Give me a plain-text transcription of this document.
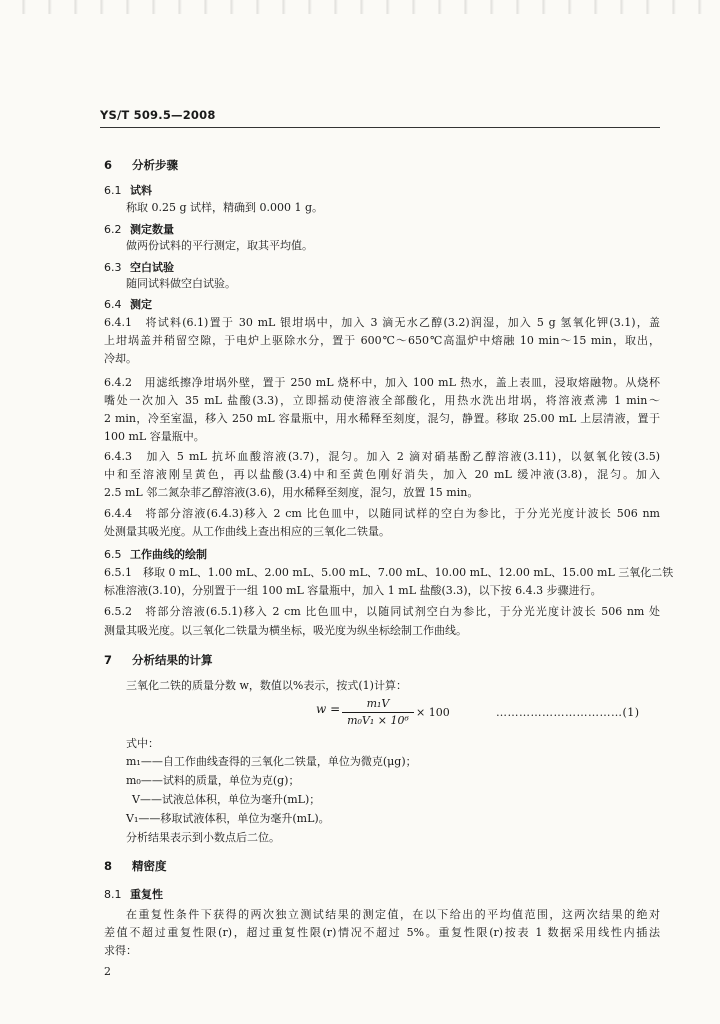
YS/T 509.5—2008
6 分析步骤
6.1 试料
称取 0.25 g 试样，精确到 0.000 1 g。
6.2 测定数量
做两份试料的平行测定，取其平均值。
6.3 空白试验
随同试料做空白试验。
6.4 测定
6.4.1　将试料(6.1)置于 30 mL 银坩埚中，加入 3 滴无水乙醇(3.2)润湿，加入 5 g 氢氧化钾(3.1)，盖
上坩埚盖并稍留空隙，于电炉上驱除水分，置于 600℃～650℃高温炉中熔融 10 min～15 min，取出，
冷却。
6.4.2　用滤纸擦净坩埚外壁，置于 250 mL 烧杯中，加入 100 mL 热水，盖上表皿，浸取熔融物。从烧杯
嘴处一次加入 35 mL 盐酸(3.3)，立即摇动使溶液全部酸化，用热水洗出坩埚，将溶液煮沸 1 min～
2 min，冷至室温，移入 250 mL 容量瓶中，用水稀释至刻度，混匀，静置。移取 25.00 mL 上层清液，置于
100 mL 容量瓶中。
6.4.3　加入 5 mL 抗坏血酸溶液(3.7)，混匀。加入 2 滴对硝基酚乙醇溶液(3.11)，以氨氧化铵(3.5)
中和至溶液刚呈黄色，再以盐酸(3.4)中和至黄色刚好消失，加入 20 mL 缓冲液(3.8)，混匀。加入
2.5 mL 邻二氮杂菲乙醇溶液(3.6)，用水稀释至刻度，混匀，放置 15 min。
6.4.4　将部分溶液(6.4.3)移入 2 cm 比色皿中，以随同试样的空白为参比，于分光光度计波长 506 nm
处测量其吸光度。从工作曲线上查出相应的三氧化二铁量。
6.5 工作曲线的绘制
6.5.1　移取 0 mL、1.00 mL、2.00 mL、5.00 mL、7.00 mL、10.00 mL、12.00 mL、15.00 mL 三氧化二铁
标准溶液(3.10)，分别置于一组 100 mL 容量瓶中，加入 1 mL 盐酸(3.3)，以下按 6.4.3 步骤进行。
6.5.2　将部分溶液(6.5.1)移入 2 cm 比色皿中，以随同试剂空白为参比，于分光光度计波长 506 nm 处
测量其吸光度。以三氧化二铁量为横坐标，吸光度为纵坐标绘制工作曲线。
7 分析结果的计算
三氧化二铁的质量分数 w，数值以%表示，按式(1)计算：
w =	m₁V
m₀V₁ × 10⁶
× 100	……………………………(1)
式中：
m₁——自工作曲线查得的三氧化二铁量，单位为微克(μg)；
m₀——试料的质量，单位为克(g)；
V——试液总体积，单位为毫升(mL)；
V₁——移取试液体积，单位为毫升(mL)。
分析结果表示到小数点后二位。
8 精密度
8.1 重复性
在重复性条件下获得的两次独立测试结果的测定值，在以下给出的平均值范围，这两次结果的绝对
差值不超过重复性限(r)，超过重复性限(r)情况不超过 5%。重复性限(r)按表 1 数据采用线性内插法
求得：
2
